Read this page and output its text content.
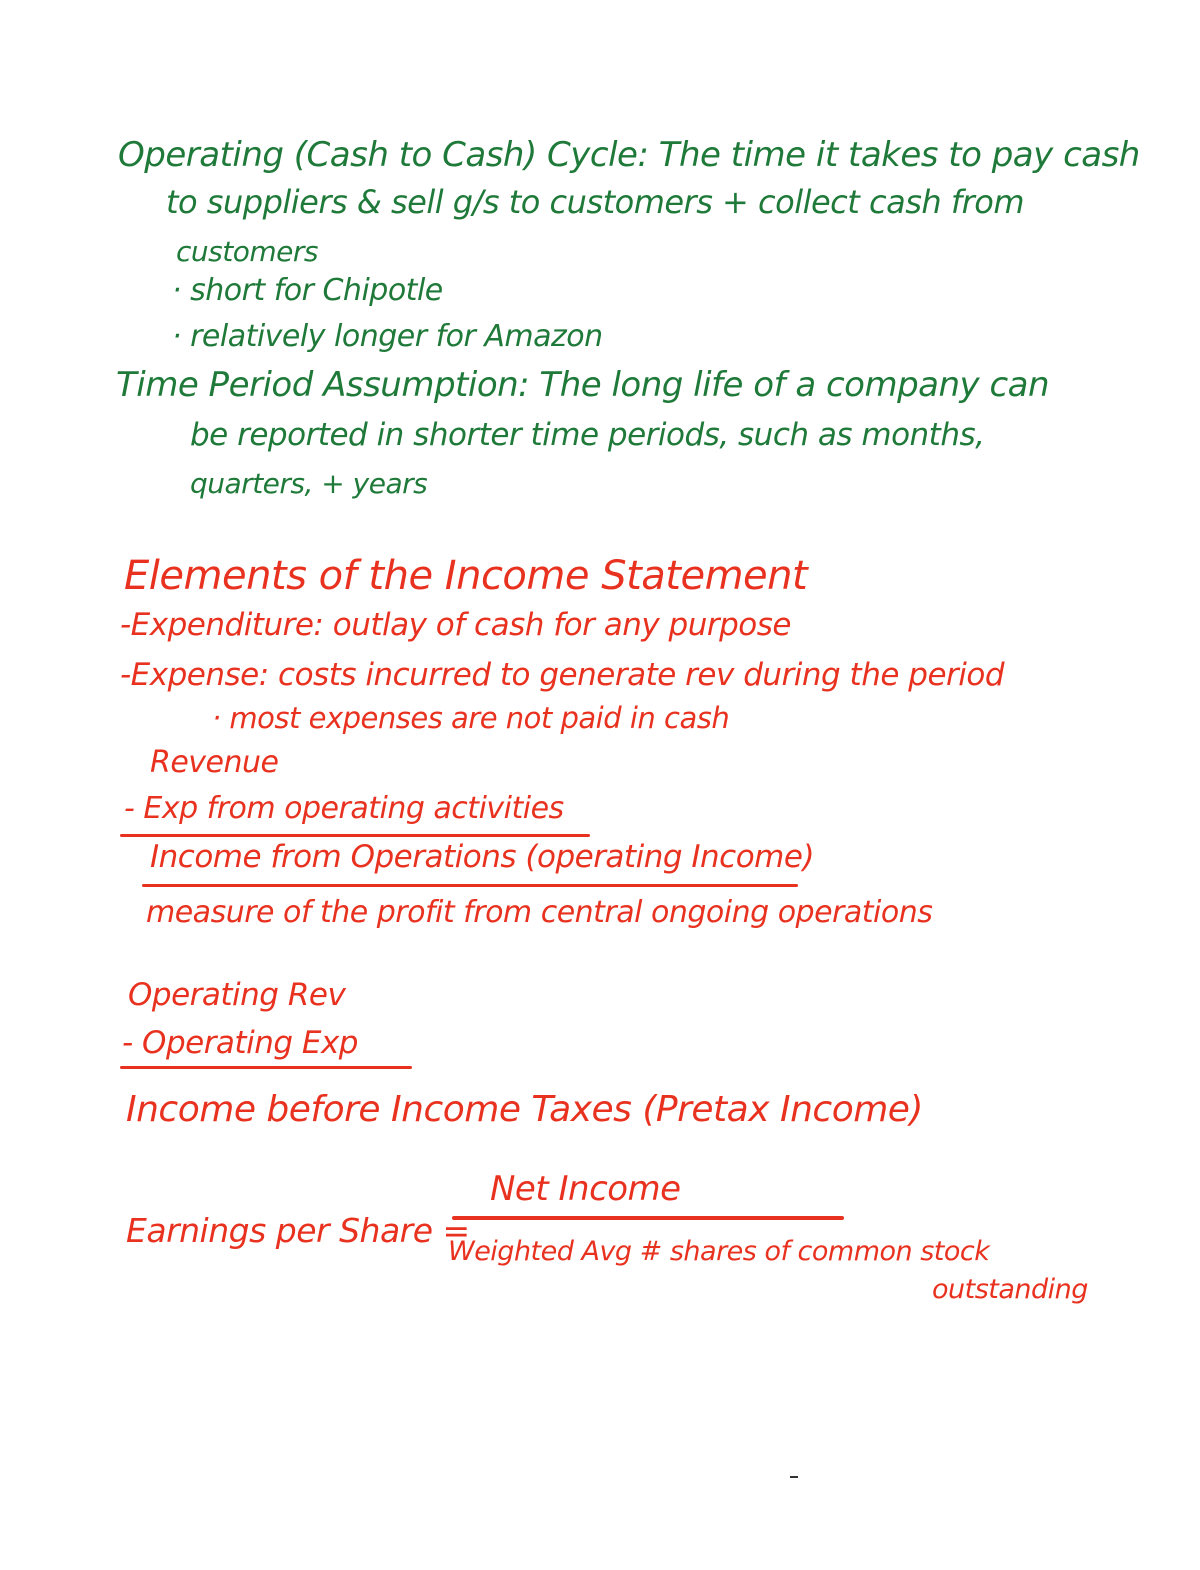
Operating (Cash to Cash) Cycle: The time it takes to pay cash
to suppliers & sell g/s to customers + collect cash from
customers
· short for Chipotle
· relatively longer for Amazon
Time Period Assumption: The long life of a company can
be reported in shorter time periods, such as months,
quarters, + years
Elements of the Income Statement
-Expenditure: outlay of cash for any purpose
-Expense: costs incurred to generate rev during the period
· most expenses are not paid in cash
Revenue
- Exp from operating activities
Income from Operations (operating Income)
measure of the profit from central ongoing operations
Operating Rev
- Operating Exp
Income before Income Taxes (Pretax Income)
Net Income
Earnings per Share =
Weighted Avg # shares of common stock
outstanding
